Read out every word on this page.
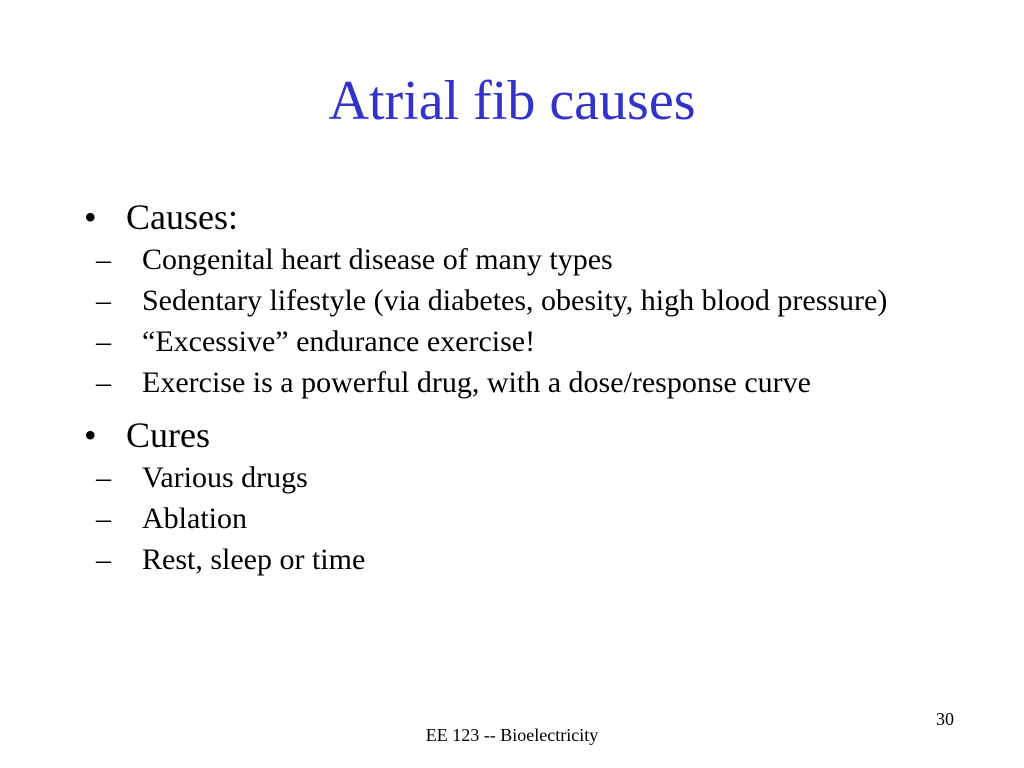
Atrial fib causes
• Causes:
–	Congenital heart disease of many types
–	Sedentary lifestyle (via diabetes, obesity, high blood pressure)
–	“Excessive” endurance exercise!
–	Exercise is a powerful drug, with a dose/response curve
• Cures
–	Various drugs
–	Ablation
–	Rest, sleep or time
30
EE 123 -- Bioelectricity
